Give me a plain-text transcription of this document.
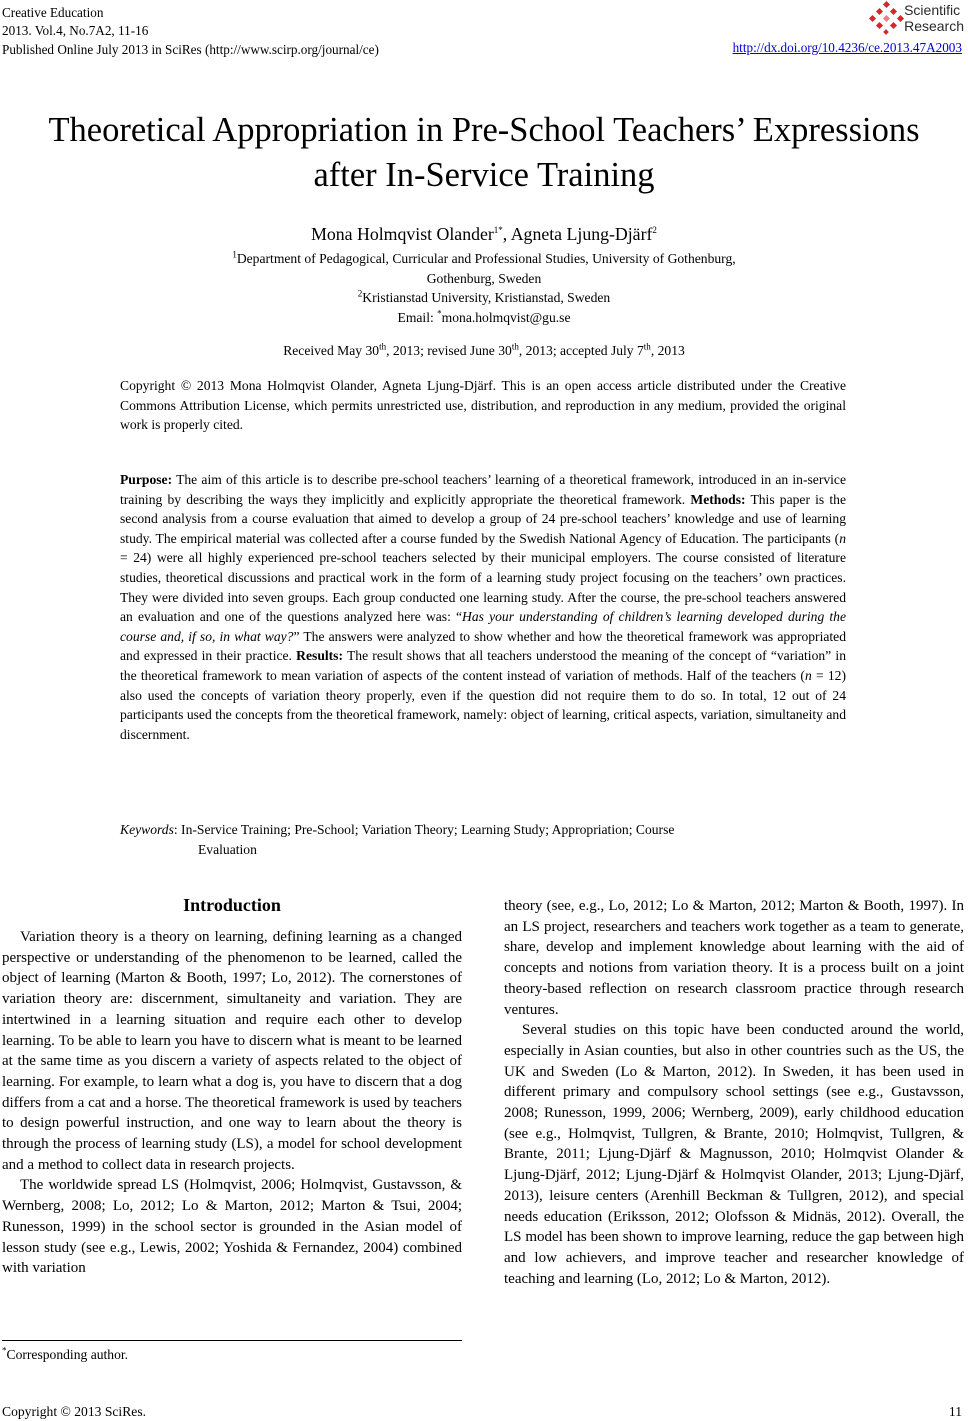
Creative Education
2013. Vol.4, No.7A2, 11-16
Published Online July 2013 in SciRes (http://www.scirp.org/journal/ce)
Scientific
Research
http://dx.doi.org/10.4236/ce.2013.47A2003
Theoretical Appropriation in Pre-School Teachers’ Expressions
after In-Service Training
Mona Holmqvist Olander$^{1*}$, Agneta Ljung-Djärf$^2$
$^1$Department of Pedagogical, Curricular and Professional Studies, University of Gothenburg,
Gothenburg, Sweden
$^2$Kristianstad University, Kristianstad, Sweden
Email: *mona.holmqvist@gu.se
Received May 30th, 2013; revised June 30th, 2013; accepted July 7th, 2013
Copyright © 2013 Mona Holmqvist Olander, Agneta Ljung-Djärf. This is an open access article distributed under the Creative Commons Attribution License, which permits unrestricted use, distribution, and reproduction in any medium, provided the original work is properly cited.
Purpose: The aim of this article is to describe pre-school teachers’ learning of a theoretical framework, introduced in an in-service training by describing the ways they implicitly and explicitly appropriate the theoretical framework. Methods: This paper is the second analysis from a course evaluation that aimed to develop a group of 24 pre-school teachers’ knowledge and use of learning study. The empirical material was collected after a course funded by the Swedish National Agency of Education. The participants (n = 24) were all highly experienced pre-school teachers selected by their municipal employers. The course consisted of literature studies, theoretical discussions and practical work in the form of a learning study project focusing on the teachers’ own practices. They were divided into seven groups. Each group conducted one learning study. After the course, the pre-school teachers answered an evaluation and one of the questions analyzed here was: “Has your understanding of children’s learning developed during the course and, if so, in what way?” The answers were analyzed to show whether and how the theoretical framework was appropriated and expressed in their practice. Results: The result shows that all teachers understood the meaning of the concept of “variation” in the theoretical framework to mean variation of aspects of the content instead of variation of methods. Half of the teachers (n = 12) also used the concepts of variation theory properly, even if the question did not require them to do so. In total, 12 out of 24 participants used the concepts from the theoretical framework, namely: object of learning, critical aspects, variation, simultaneity and discernment.
Keywords: In-Service Training; Pre-School; Variation Theory; Learning Study; Appropriation; Course
Evaluation
Introduction

Variation theory is a theory on learning, defining learning as a changed perspective or understanding of the phenomenon to be learned, called the object of learning (Marton & Booth, 1997; Lo, 2012). The cornerstones of variation theory are: discernment, simultaneity and variation. They are intertwined in a learning situation and require each other to develop learning. To be able to learn you have to discern what is meant to be learned at the same time as you discern a variety of aspects related to the object of learning. For example, to learn what a dog is, you have to discern that a dog differs from a cat and a horse. The theoretical framework is used by teachers to design powerful instruction, and one way to learn about the theory is through the process of learning study (LS), a model for school development and a method to collect data in research projects.

The worldwide spread LS (Holmqvist, 2006; Holmqvist, Gustavsson, & Wernberg, 2008; Lo, 2012; Lo & Marton, 2012; Marton & Tsui, 2004; Runesson, 1999) in the school sector is grounded in the Asian model of lesson study (see e.g., Lewis, 2002; Yoshida & Fernandez, 2004) combined with variation

theory (see, e.g., Lo, 2012; Lo & Marton, 2012; Marton & Booth, 1997). In an LS project, researchers and teachers work together as a team to generate, share, develop and implement knowledge about learning with the aid of concepts and notions from variation theory. It is a process built on a joint theory-based reflection on research classroom practice through research ventures.

Several studies on this topic have been conducted around the world, especially in Asian counties, but also in other countries such as the US, the UK and Sweden (Lo & Marton, 2012). In Sweden, it has been used in different primary and compulsory school settings (see e.g., Gustavsson, 2008; Runesson, 1999, 2006; Wernberg, 2009), early childhood education (see e.g., Holmqvist, Tullgren, & Brante, 2010; Holmqvist, Tullgren, & Brante, 2011; Ljung-Djärf & Magnusson, 2010; Holmqvist Olander & Ljung-Djärf, 2012; Ljung-Djärf & Holmqvist Olander, 2013; Ljung-Djärf, 2013), leisure centers (Arenhill Beckman & Tullgren, 2012), and special needs education (Eriksson, 2012; Olofsson & Midnäs, 2012). Overall, the LS model has been shown to improve learning, reduce the gap between high and low achievers, and improve teacher and researcher knowledge of teaching and learning (Lo, 2012; Lo & Marton, 2012).

*Corresponding author.
Copyright © 2013 SciRes.	11
